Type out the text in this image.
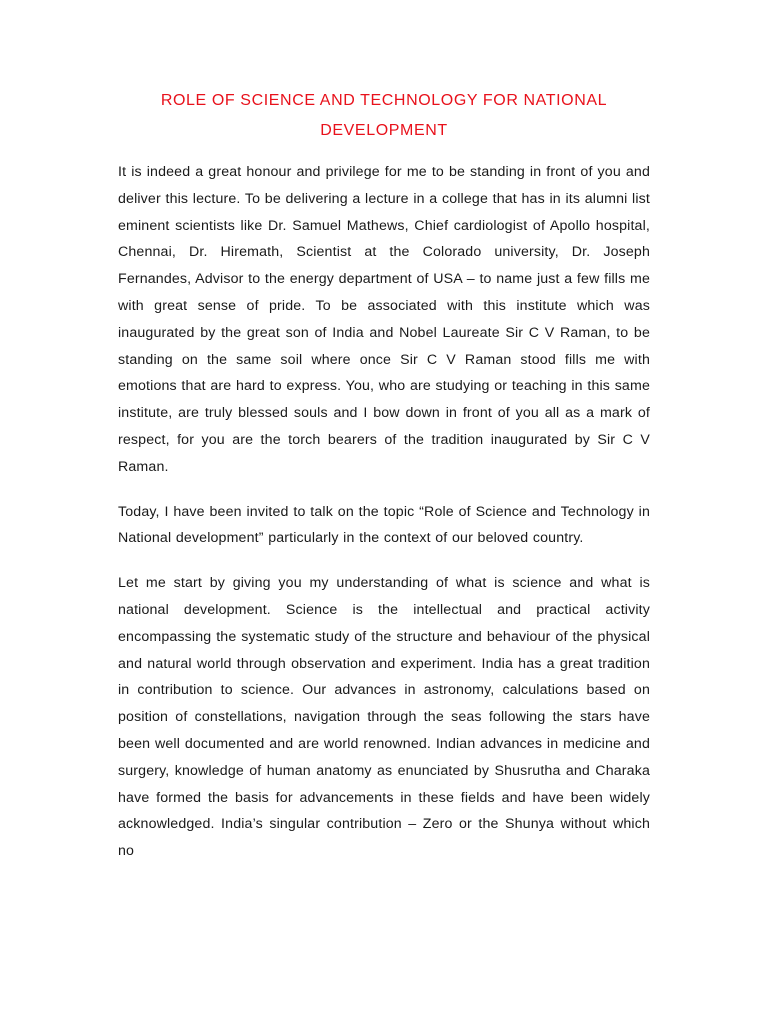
ROLE OF SCIENCE AND TECHNOLOGY FOR NATIONAL
DEVELOPMENT

It is indeed a great honour and privilege for me to be standing in front of you and deliver this lecture. To be delivering a lecture in a college that has in its alumni list eminent scientists like Dr. Samuel Mathews, Chief cardiologist of Apollo hospital, Chennai, Dr. Hiremath, Scientist at the Colorado university, Dr. Joseph Fernandes, Advisor to the energy department of USA – to name just a few fills me with great sense of pride. To be associated with this institute which was inaugurated by the great son of India and Nobel Laureate Sir C V Raman, to be standing on the same soil where once Sir C V Raman stood fills me with emotions that are hard to express. You, who are studying or teaching in this same institute, are truly blessed souls and I bow down in front of you all as a mark of respect, for you are the torch bearers of the tradition inaugurated by Sir C V Raman.

Today, I have been invited to talk on the topic “Role of Science and Technology in National development” particularly in the context of our beloved country.

Let me start by giving you my understanding of what is science and what is national development. Science is the intellectual and practical activity encompassing the systematic study of the structure and behaviour of the physical and natural world through observation and experiment. India has a great tradition in contribution to science. Our advances in astronomy, calculations based on position of constellations, navigation through the seas following the stars have been well documented and are world renowned. Indian advances in medicine and surgery, knowledge of human anatomy as enunciated by Shusrutha and Charaka have formed the basis for advancements in these fields and have been widely acknowledged. India’s singular contribution – Zero or the Shunya without which no
